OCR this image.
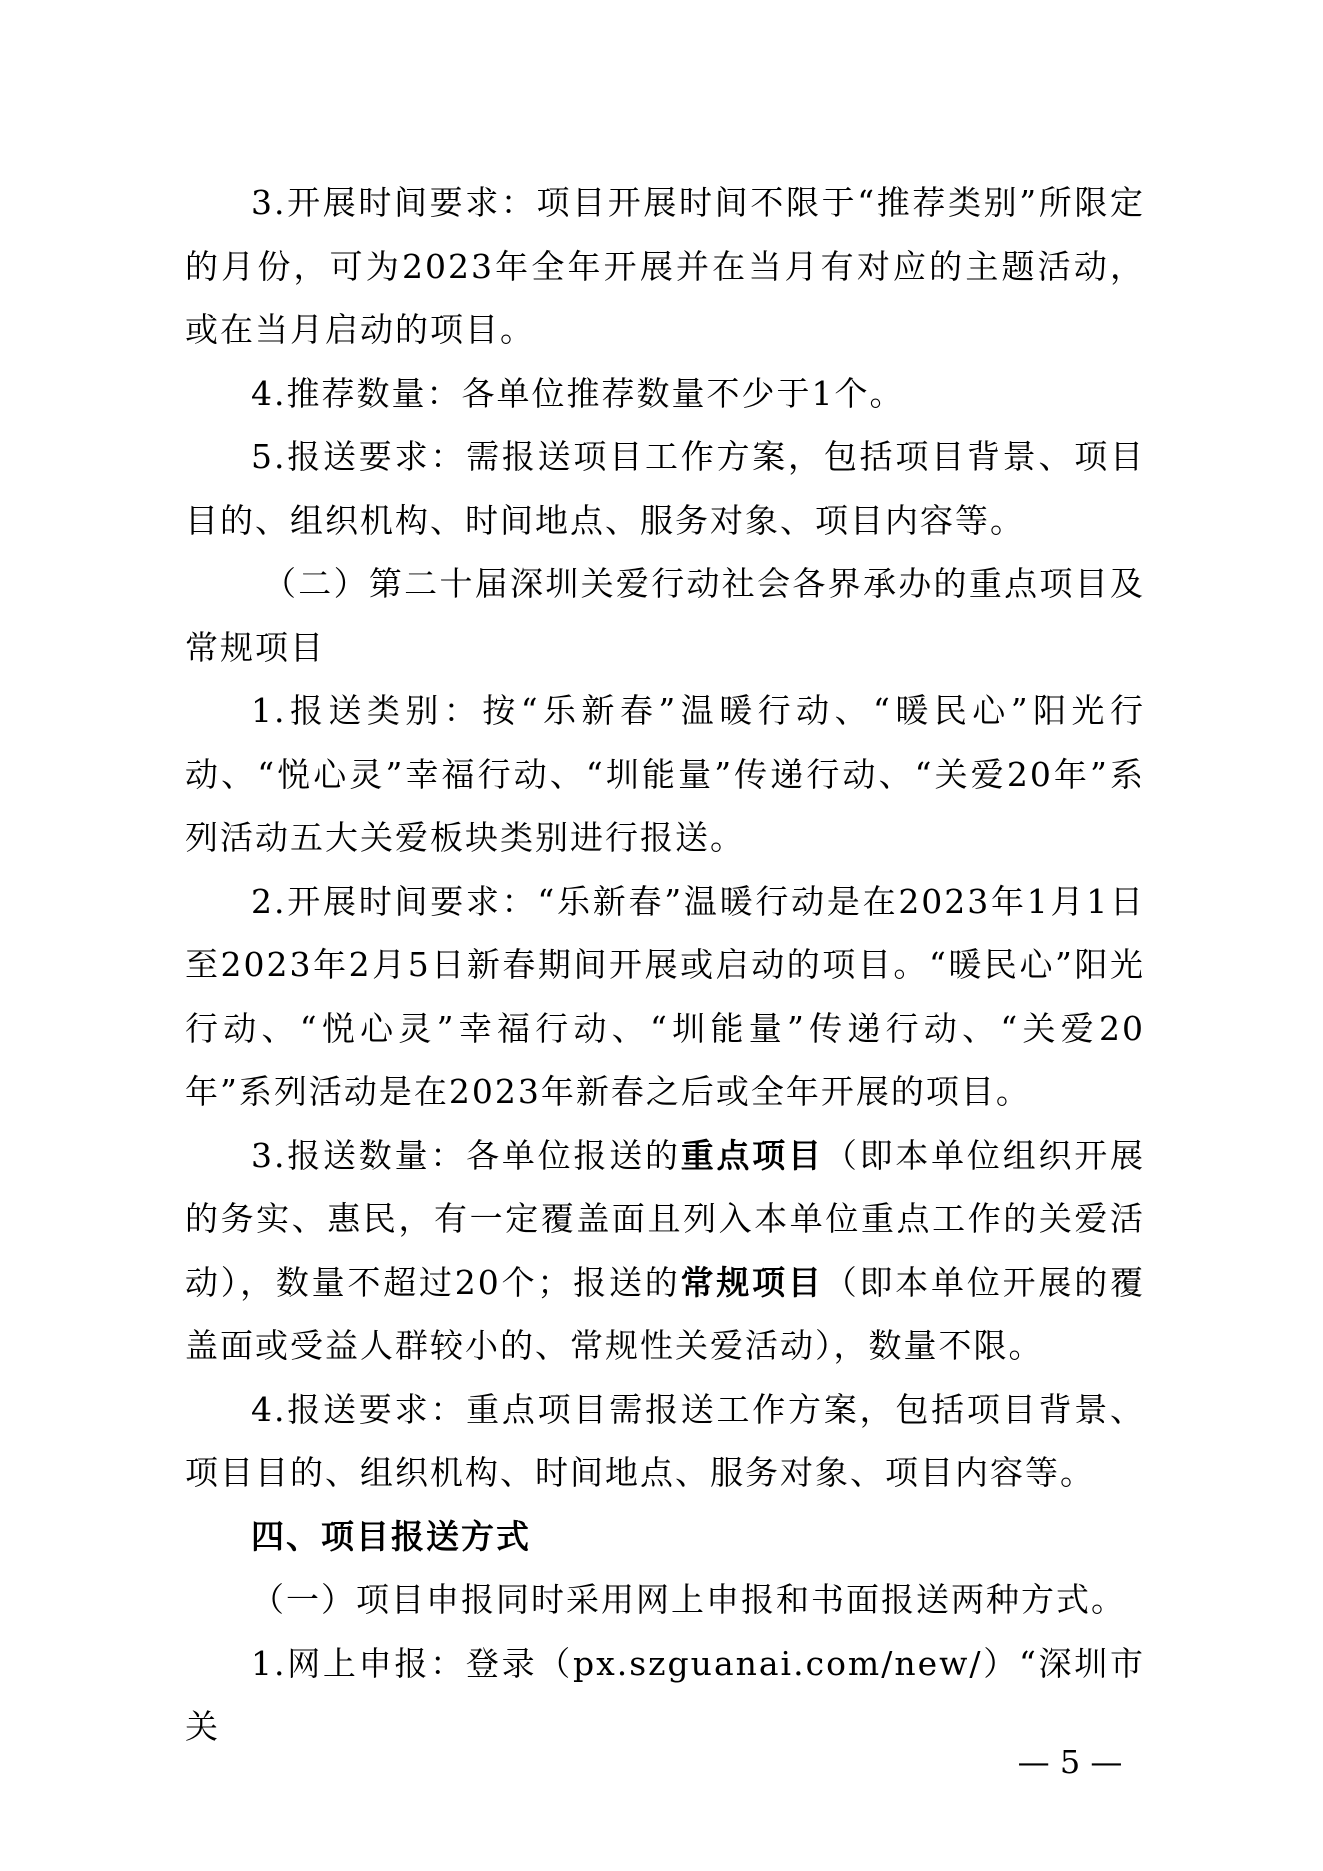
3.开展时间要求：项目开展时间不限于“推荐类别”所限定的月份，可为2023年全年开展并在当月有对应的主题活动，或在当月启动的项目。

4.推荐数量：各单位推荐数量不少于1个。

5.报送要求：需报送项目工作方案，包括项目背景、项目目的、组织机构、时间地点、服务对象、项目内容等。

（二）第二十届深圳关爱行动社会各界承办的重点项目及常规项目

1.报送类别：按“乐新春”温暖行动、“暖民心”阳光行动、“悦心灵”幸福行动、“圳能量”传递行动、“关爱20年”系列活动五大关爱板块类别进行报送。

2.开展时间要求：“乐新春”温暖行动是在2023年1月1日至2023年2月5日新春期间开展或启动的项目。“暖民心”阳光行动、“悦心灵”幸福行动、“圳能量”传递行动、“关爱20年”系列活动是在2023年新春之后或全年开展的项目。

3.报送数量：各单位报送的重点项目（即本单位组织开展的务实、惠民，有一定覆盖面且列入本单位重点工作的关爱活动），数量不超过20个；报送的常规项目（即本单位开展的覆盖面或受益人群较小的、常规性关爱活动），数量不限。

4.报送要求：重点项目需报送工作方案，包括项目背景、项目目的、组织机构、时间地点、服务对象、项目内容等。

四、项目报送方式

（一）项目申报同时采用网上申报和书面报送两种方式。

1.网上申报：登录（px.szguanai.com/new/）“深圳市关

— 5 —
